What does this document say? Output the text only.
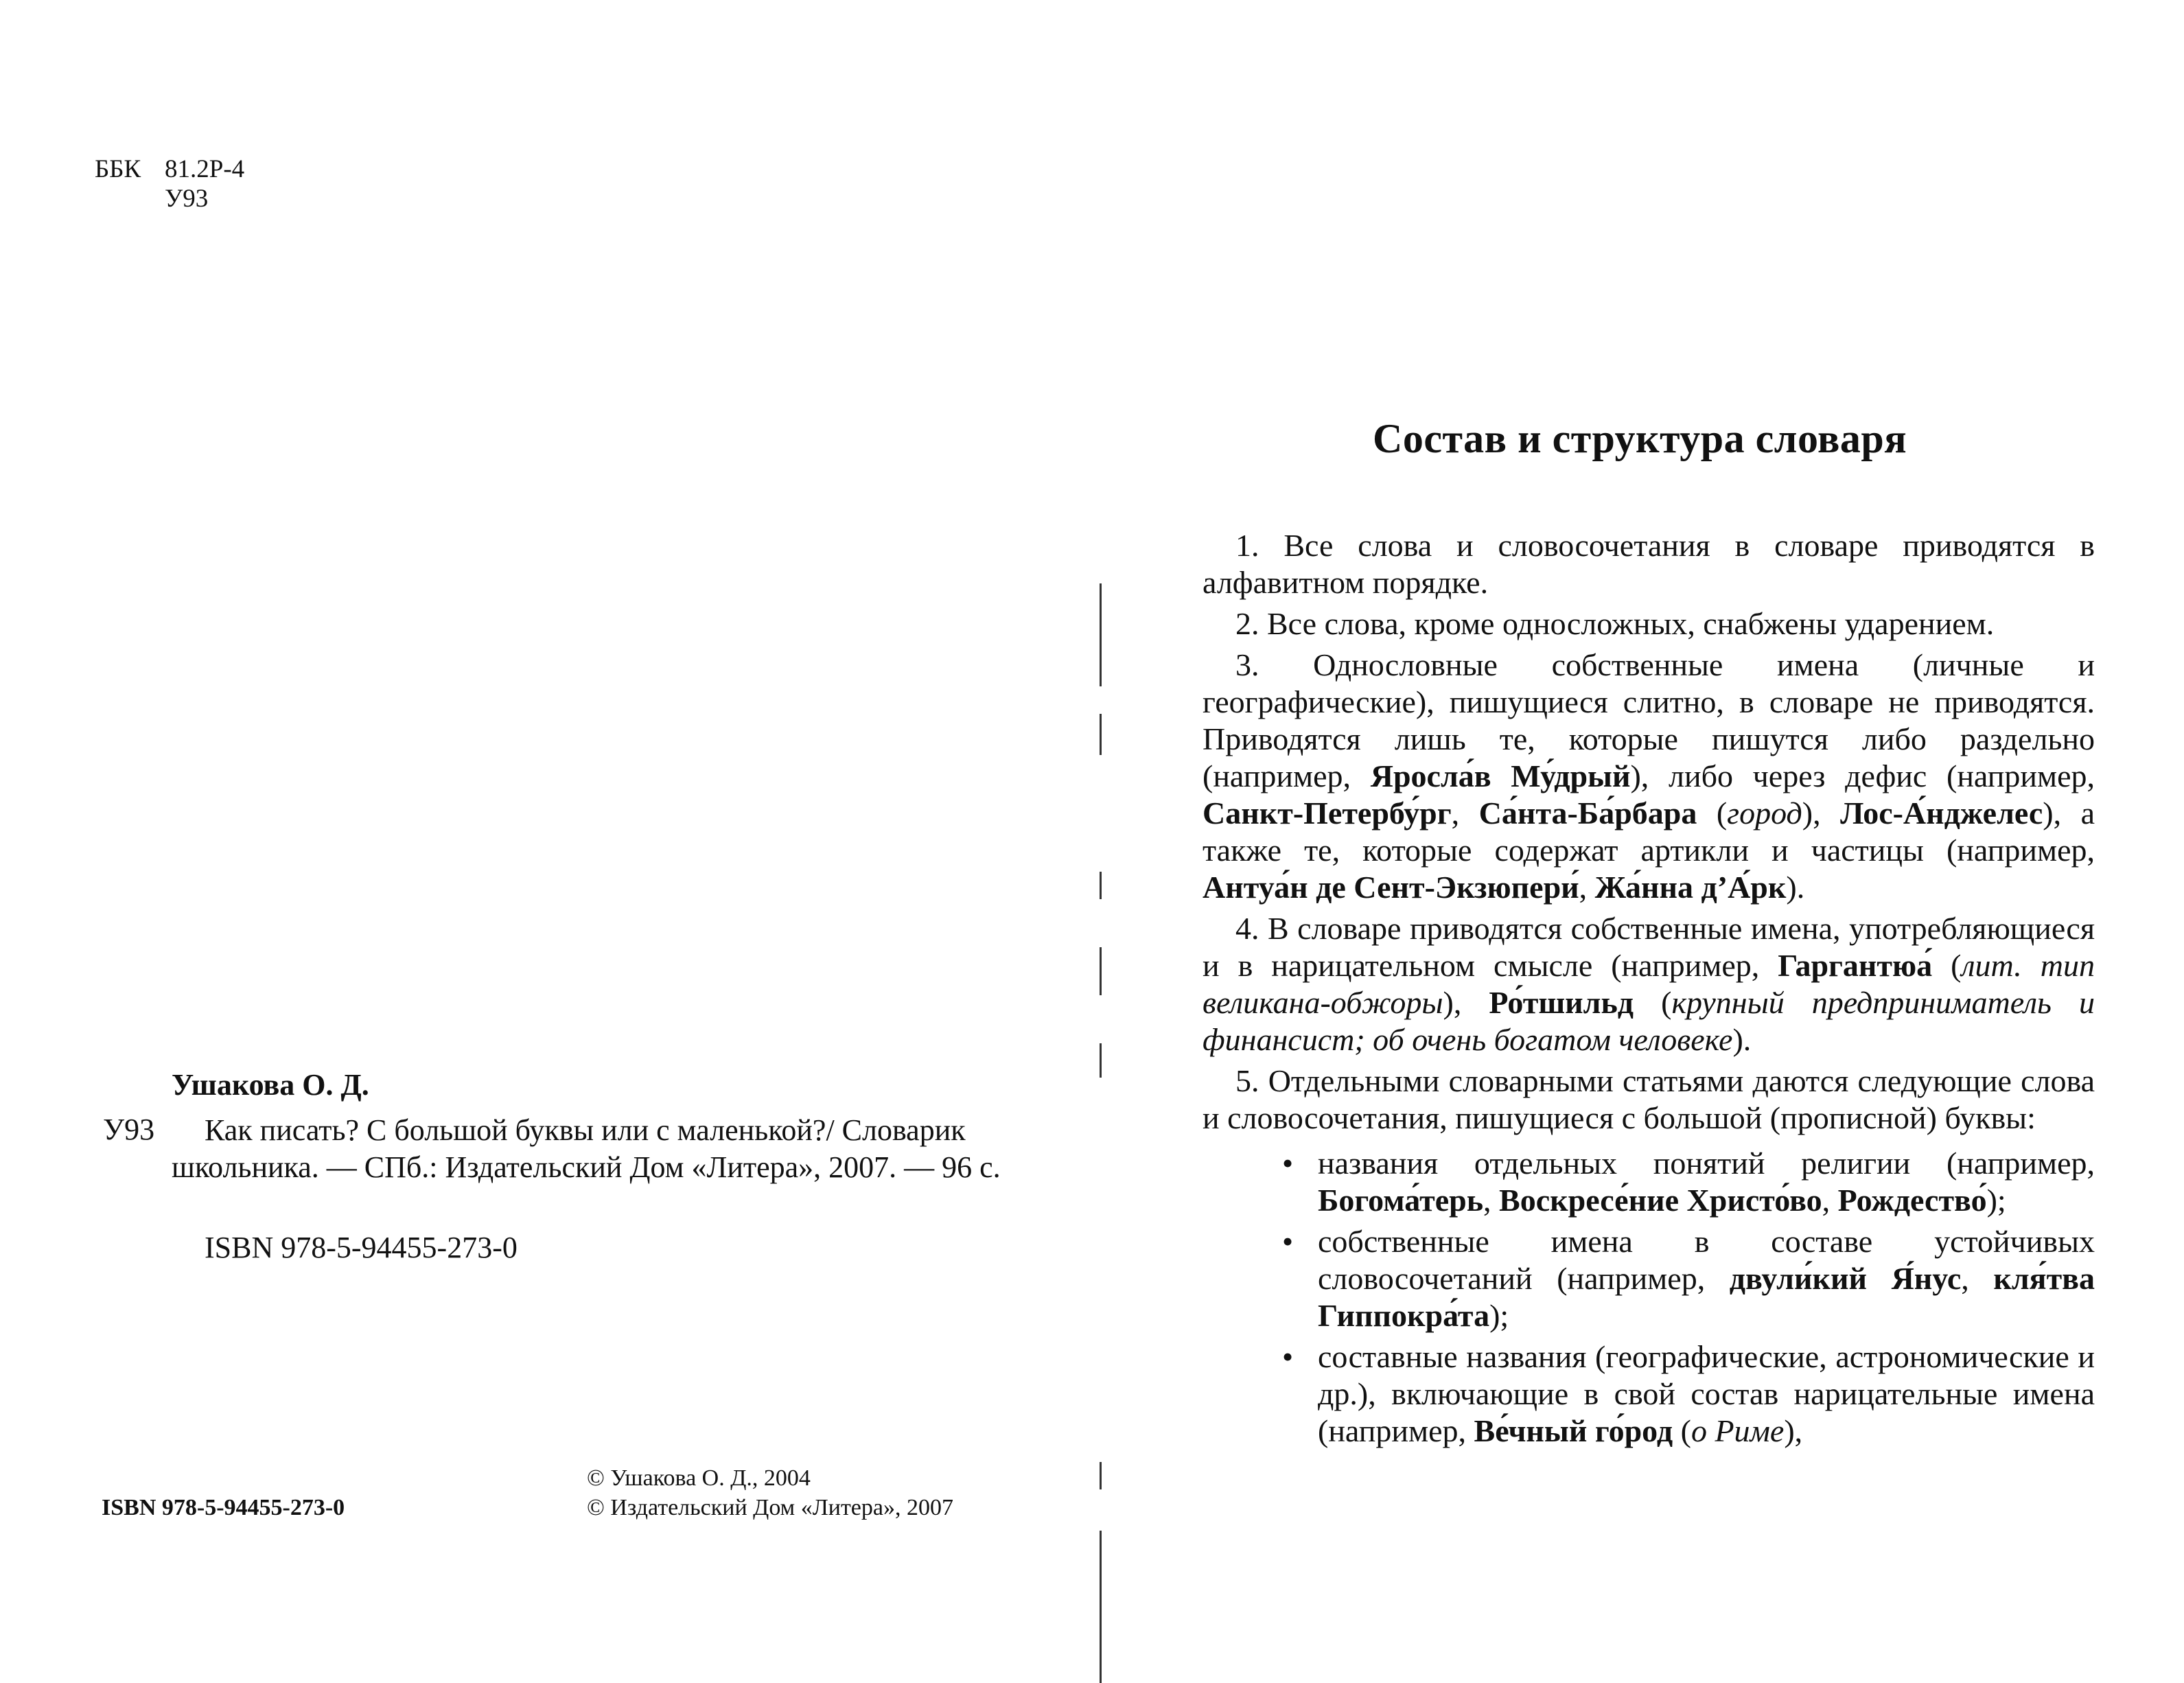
ББК 81.2Р-4
У93
Ушакова О. Д.
У93	Как писать? С большой буквы или с маленькой?/ Словарик школьника. — СПб.: Издательский Дом «Литера», 2007. — 96 с.
ISBN 978-5-94455-273-0
ISBN 978-5-94455-273-0
© Ушакова О. Д., 2004
© Издательский Дом «Литера», 2007
Состав и структура словаря

1. Все слова и словосочетания в словаре приводятся в алфавитном порядке.

2. Все слова, кроме односложных, снабжены ударением.

3. Однословные собственные имена (личные и географические), пишущиеся слитно, в словаре не приводятся. Приводятся лишь те, которые пишутся либо раздельно (например, Яросла́в Му́дрый), либо через дефис (например, Санкт-Петербу́рг, Са́нта-Ба́рбара (город), Лос-А́нджелес), а также те, которые содержат артикли и частицы (например, Антуа́н де Сент-Экзюпери́, Жа́нна д’А́рк).

4. В словаре приводятся собственные имена, употребляющиеся и в нарицательном смысле (например, Гаргантюа́ (лит. тип великана-обжоры), Ро́тшильд (крупный предприниматель и финансист; об очень богатом человеке).

5. Отдельными словарными статьями даются следующие слова и словосочетания, пишущиеся с большой (прописной) буквы:

• названия отдельных понятий религии (например, Богома́терь, Воскресе́ние Христо́во, Рождество́);
• собственные имена в составе устойчивых словосочетаний (например, двули́кий Я́нус, кля́тва Гиппокра́та);
• составные названия (географические, астрономические и др.), включающие в свой состав нарицательные имена (например, Ве́чный го́род (о Риме),
